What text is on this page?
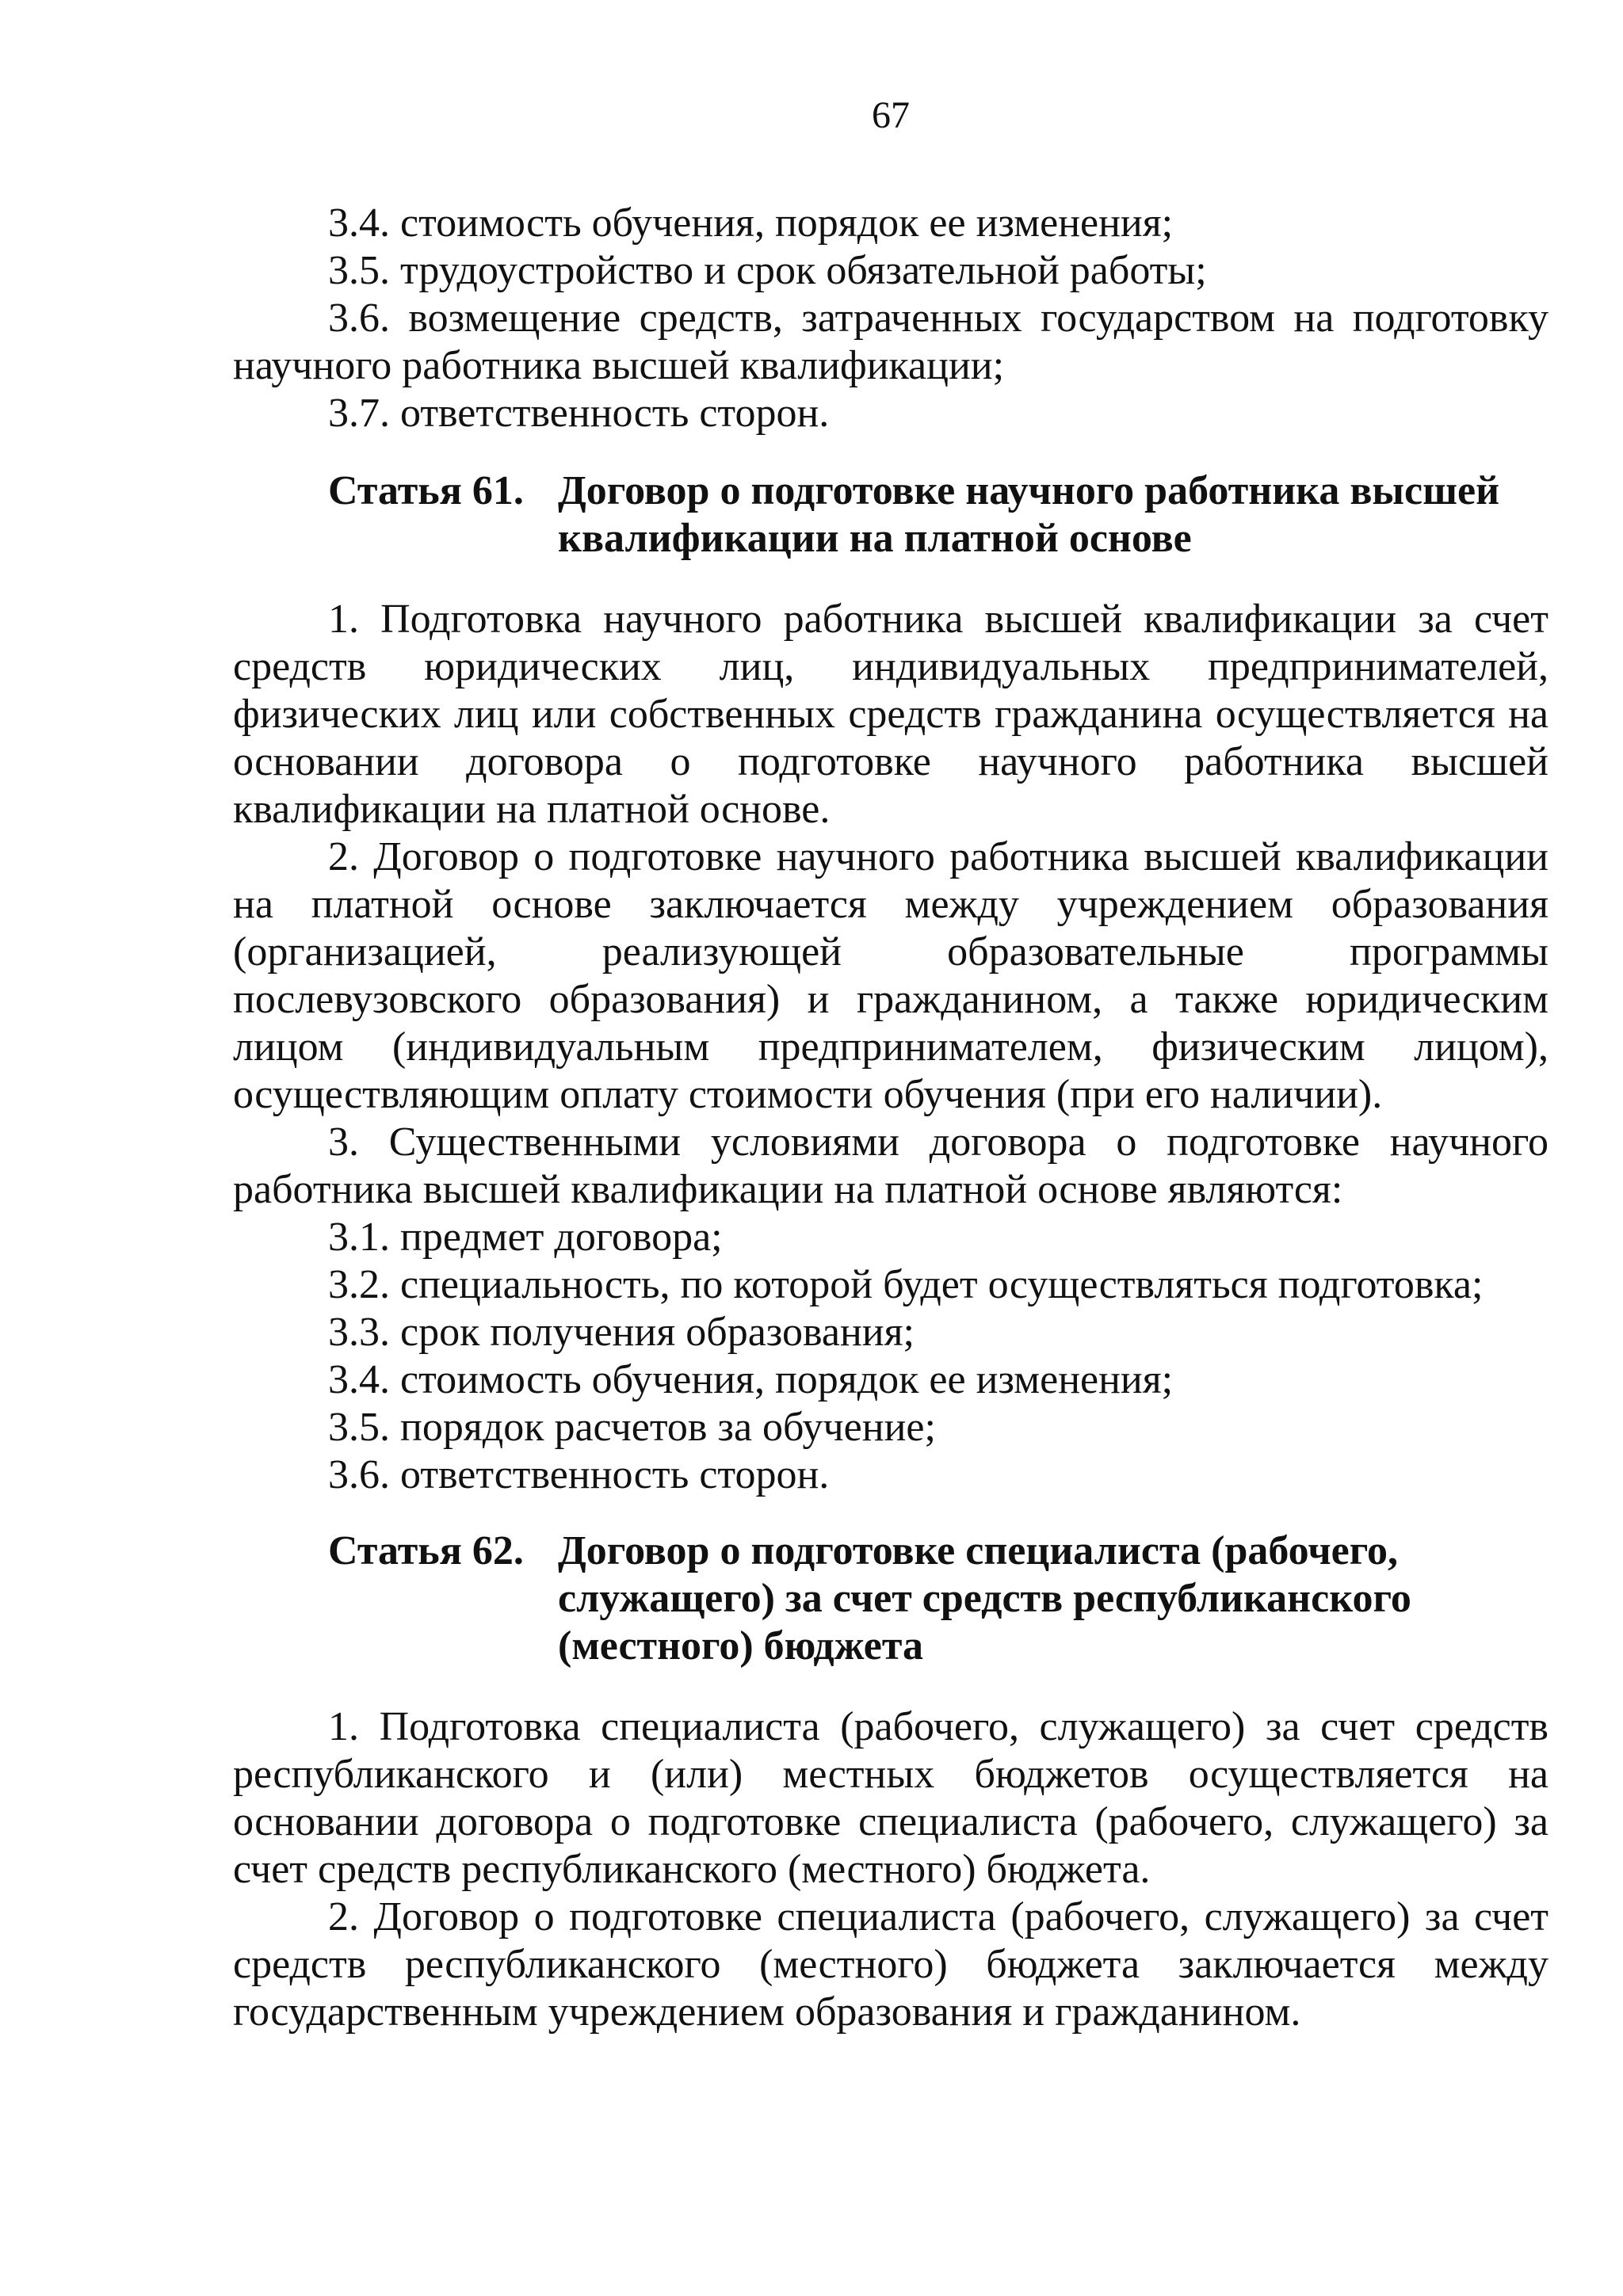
67

3.4. стоимость обучения, порядок ее изменения;

3.5. трудоустройство и срок обязательной работы;

3.6. возмещение средств, затраченных государством на подготовку научного работника высшей квалификации;

3.7. ответственность сторон.

Статья 61. Договор о подготовке научного работника высшей квалификации на платной основе

1. Подготовка научного работника высшей квалификации за счет средств юридических лиц, индивидуальных предпринимателей, физических лиц или собственных средств гражданина осуществляется на основании договора о подготовке научного работника высшей квалификации на платной основе.

2. Договор о подготовке научного работника высшей квалификации на платной основе заключается между учреждением образования (организацией, реализующей образовательные программы послевузовского образования) и гражданином, а также юридическим лицом (индивидуальным предпринимателем, физическим лицом), осуществляющим оплату стоимости обучения (при его наличии).

3. Существенными условиями договора о подготовке научного работника высшей квалификации на платной основе являются:

3.1. предмет договора;

3.2. специальность, по которой будет осуществляться подготовка;

3.3. срок получения образования;

3.4. стоимость обучения, порядок ее изменения;

3.5. порядок расчетов за обучение;

3.6. ответственность сторон.

Статья 62. Договор о подготовке специалиста (рабочего, служащего) за счет средств республиканского (местного) бюджета

1. Подготовка специалиста (рабочего, служащего) за счет средств республиканского и (или) местных бюджетов осуществляется на основании договора о подготовке специалиста (рабочего, служащего) за счет средств республиканского (местного) бюджета.

2. Договор о подготовке специалиста (рабочего, служащего) за счет средств республиканского (местного) бюджета заключается между государственным учреждением образования и гражданином.
